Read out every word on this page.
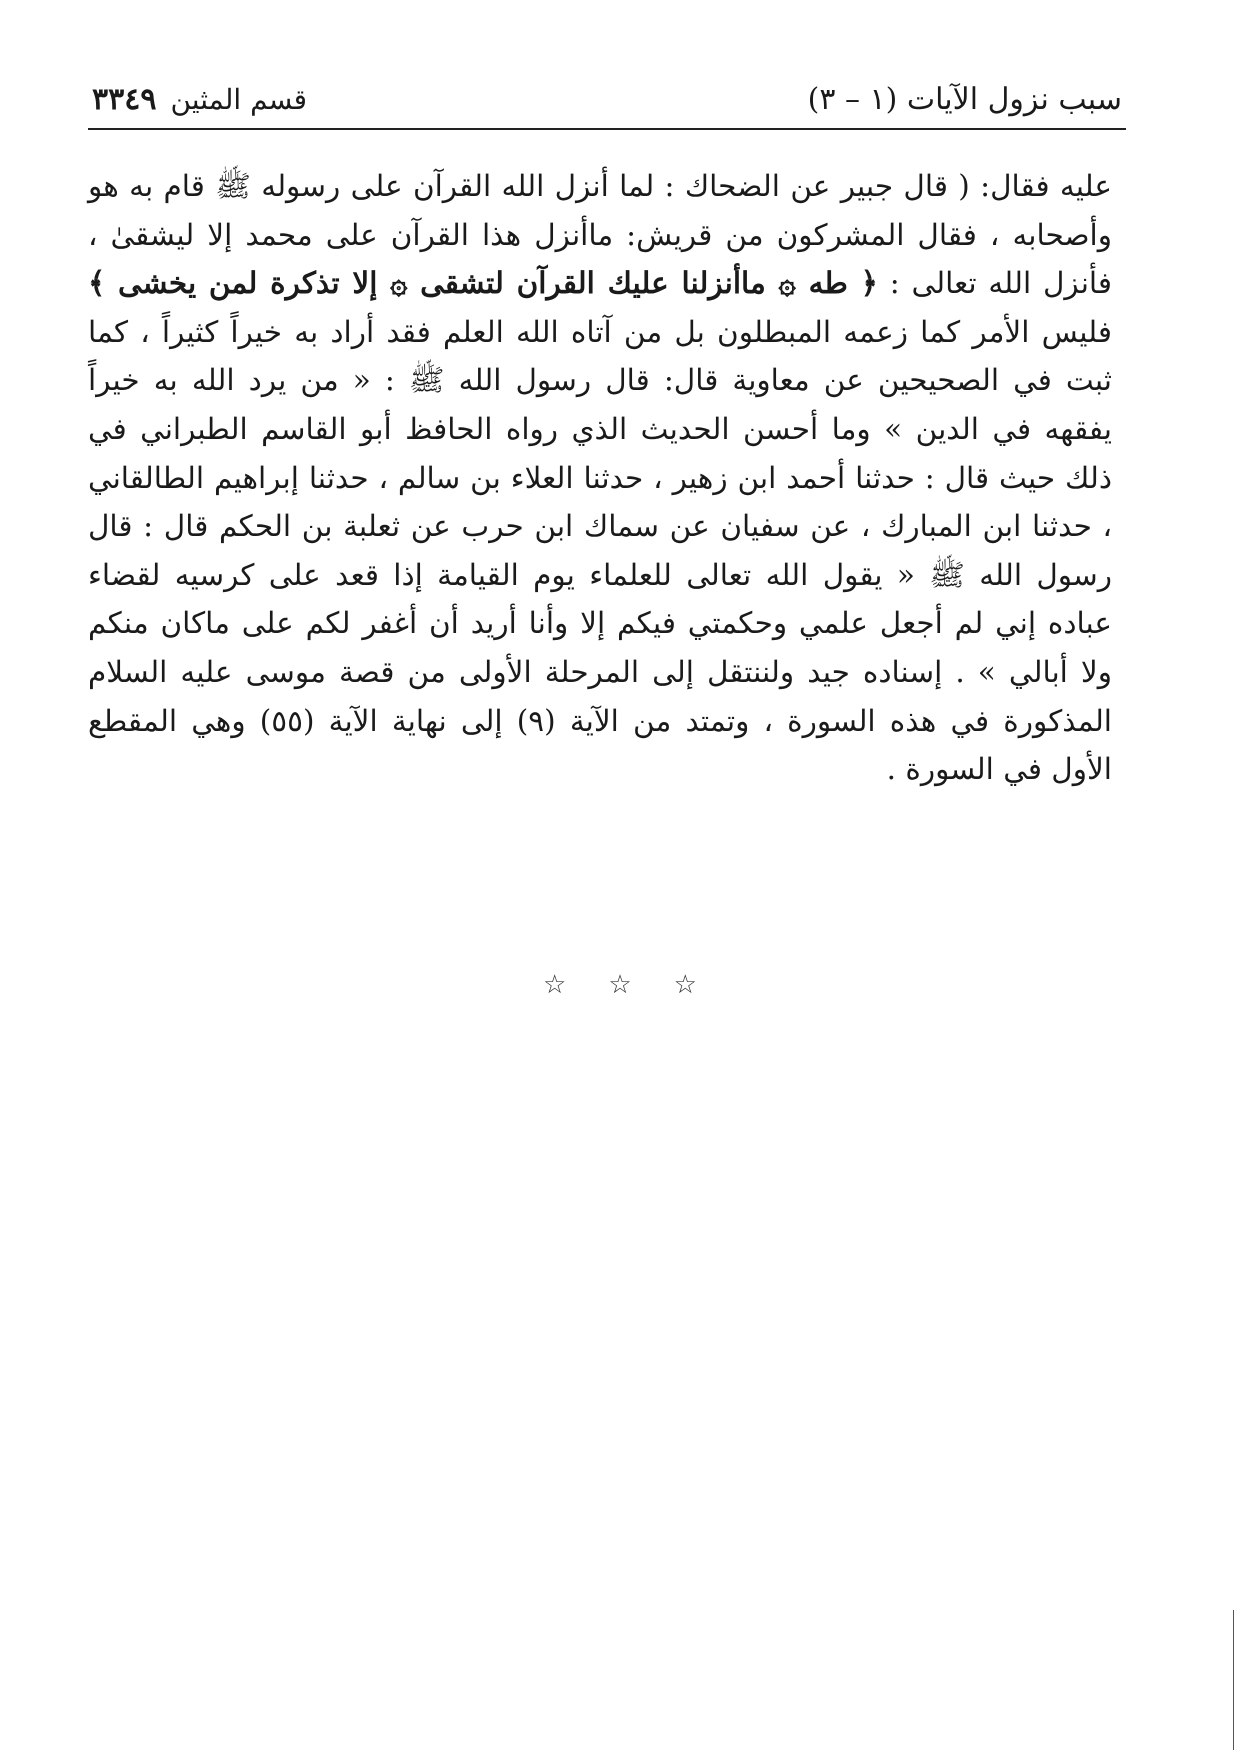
سبب نزول الآيات (١ – ٣)
قسم المثين٣٣٤٩

عليه فقال: ( قال جبير عن الضحاك : لما أنزل الله القرآن على رسوله ﷺ قام به هو وأصحابه ، فقال المشركون من قريش: ماأنزل هذا القرآن على محمد إلا ليشقىٰ ، فأنزل الله تعالى : ﴿ طه ۞ ماأنزلنا عليك القرآن لتشقى ۞ إلا تذكرة لمن يخشى ﴾ فليس الأمر كما زعمه المبطلون بل من آتاه الله العلم فقد أراد به خيراً كثيراً ، كما ثبت في الصحيحين عن معاوية قال: قال رسول الله ﷺ : « من يرد الله به خيراً يفقهه في الدين » وما أحسن الحديث الذي رواه الحافظ أبو القاسم الطبراني في ذلك حيث قال : حدثنا أحمد ابن زهير ، حدثنا العلاء بن سالم ، حدثنا إبراهيم الطالقاني ، حدثنا ابن المبارك ، عن سفيان عن سماك ابن حرب عن ثعلبة بن الحكم قال : قال رسول الله ﷺ « يقول الله تعالى للعلماء يوم القيامة إذا قعد على كرسيه لقضاء عباده إني لم أجعل علمي وحكمتي فيكم إلا وأنا أريد أن أغفر لكم على ماكان منكم ولا أبالي » . إسناده جيد ولننتقل إلى المرحلة الأولى من قصة موسى عليه السلام المذكورة في هذه السورة ، وتمتد من الآية (٩) إلى نهاية الآية (٥٥) وهي المقطع الأول في السورة .

☆☆☆
